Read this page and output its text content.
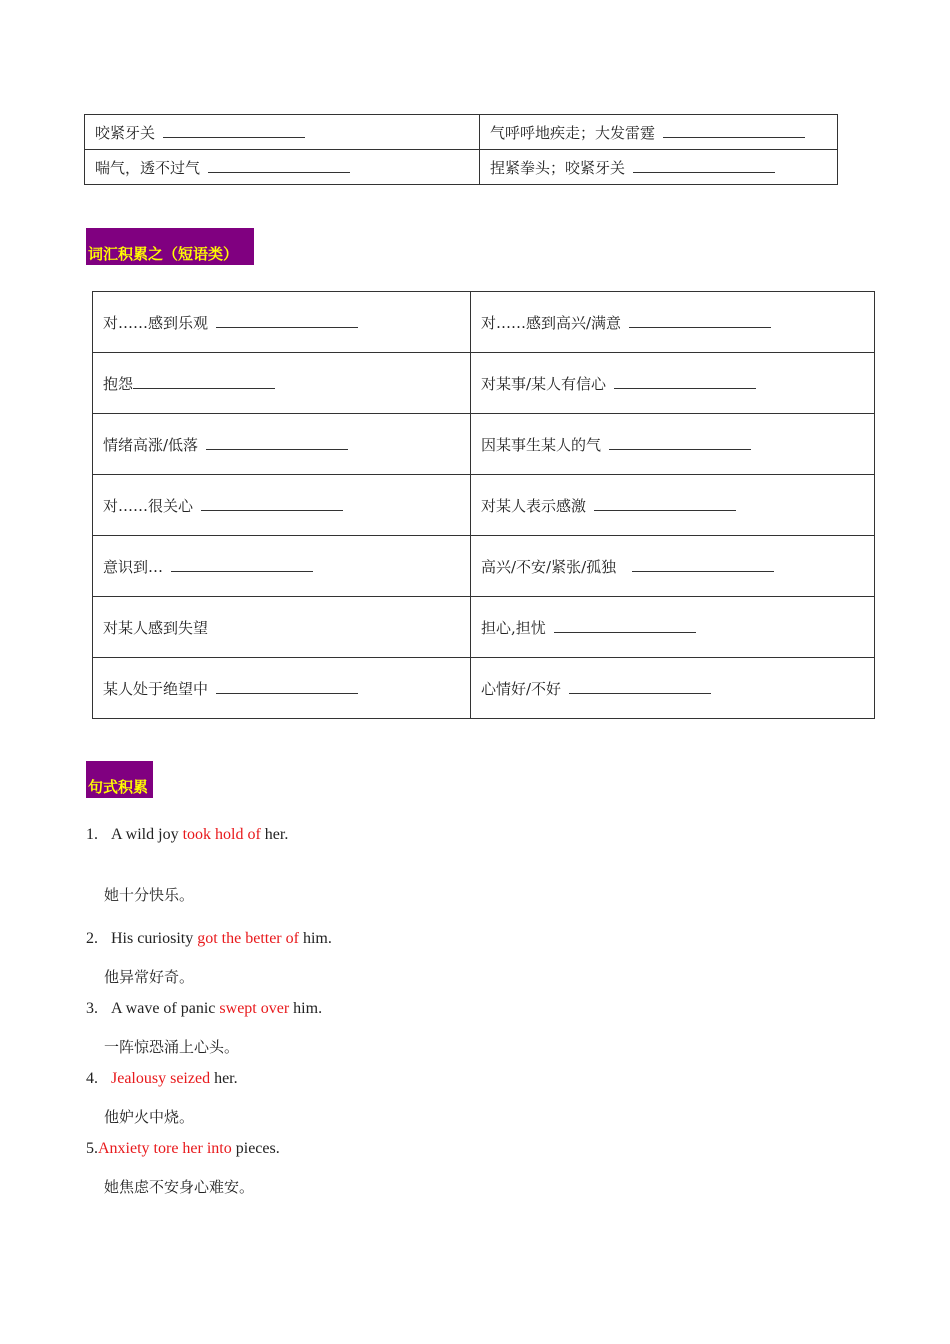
咬紧牙关	气呼呼地疾走；大发雷霆
喘气，透不过气	捏紧拳头；咬紧牙关
词汇积累之（短语类）
对……感到乐观	对……感到高兴/满意
抱怨	对某事/某人有信心
情绪高涨/低落	因某事生某人的气
对……很关心	对某人表示感激
意识到…	高兴/不安/紧张/孤独
对某人感到失望	担心,担忧
某人处于绝望中	心情好/不好
句式积累
1. A wild joy took hold of her.
她十分快乐。
2. His curiosity got the better of him.
他异常好奇。
3. A wave of panic swept over him.
一阵惊恐涌上心头。
4. Jealousy seized her.
他妒火中烧。
5.Anxiety tore her into pieces.
她焦虑不安身心难安。
